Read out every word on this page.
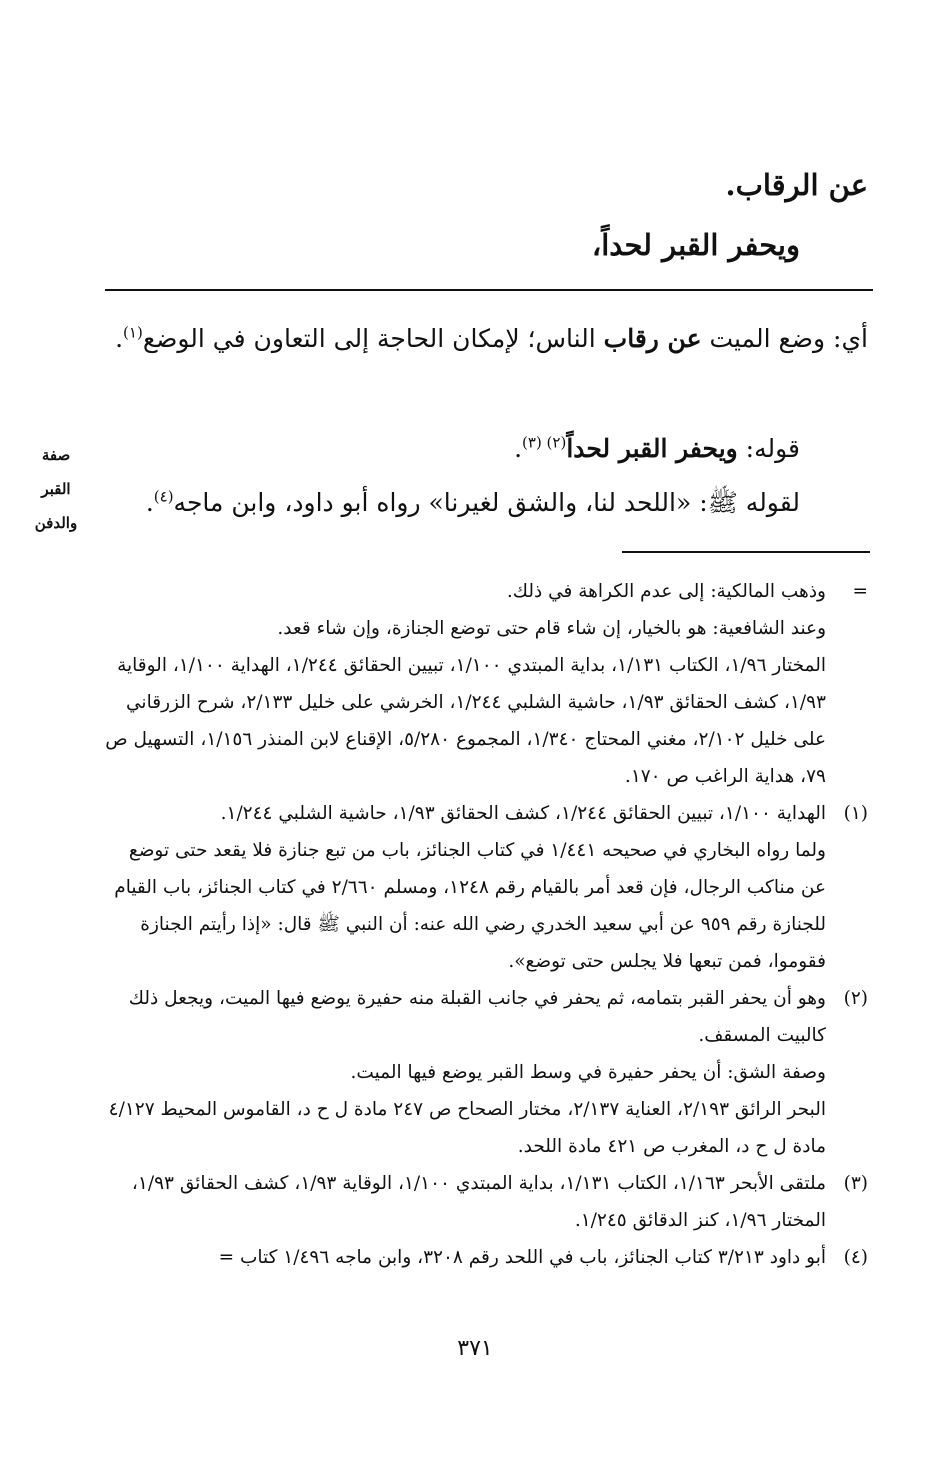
عن الرقاب.
ويحفر القبر لحداً،
أي: وضع الميت عن رقاب الناس؛ لإمكان الحاجة إلى التعاون في الوضع$^{(١)}$.
قوله: ويحفر القبر لحداً$^{(٢) (٣)}$.
لقوله ﷺ: «اللحد لنا، والشق لغيرنا» رواه أبو داود، وابن ماجه$^{(٤)}$.
صفة
القبر
والدفن
=

وذهب المالكية: إلى عدم الكراهة في ذلك.

وعند الشافعية: هو بالخيار، إن شاء قام حتى توضع الجنازة، وإن شاء قعد.

المختار ١/٩٦، الكتاب ١/١٣١، بداية المبتدي ١/١٠٠، تبيين الحقائق ١/٢٤٤، الهداية ١/١٠٠، الوقاية ١/٩٣، كشف الحقائق ١/٩٣، حاشية الشلبي ١/٢٤٤، الخرشي على خليل ٢/١٣٣، شرح الزرقاني على خليل ٢/١٠٢، مغني المحتاج ١/٣٤٠، المجموع ٥/٢٨٠، الإقناع لابن المنذر ١/١٥٦، التسهيل ص ٧٩، هداية الراغب ص ١٧٠.

(١)

الهداية ١/١٠٠، تبيين الحقائق ١/٢٤٤، كشف الحقائق ١/٩٣، حاشية الشلبي ١/٢٤٤.

ولما رواه البخاري في صحيحه ١/٤٤١ في كتاب الجنائز، باب من تبع جنازة فلا يقعد حتى توضع عن مناكب الرجال، فإن قعد أمر بالقيام رقم ١٢٤٨، ومسلم ٢/٦٦٠ في كتاب الجنائز، باب القيام للجنازة رقم ٩٥٩ عن أبي سعيد الخدري رضي الله عنه: أن النبي ﷺ قال: «إذا رأيتم الجنازة فقوموا، فمن تبعها فلا يجلس حتى توضع».

(٢)

وهو أن يحفر القبر بتمامه، ثم يحفر في جانب القبلة منه حفيرة يوضع فيها الميت، ويجعل ذلك كالبيت المسقف.

وصفة الشق: أن يحفر حفيرة في وسط القبر يوضع فيها الميت.

البحر الرائق ٢/١٩٣، العناية ٢/١٣٧، مختار الصحاح ص ٢٤٧ مادة ل ح د، القاموس المحيط ٤/١٢٧ مادة ل ح د، المغرب ص ٤٢١ مادة اللحد.

(٣)

ملتقى الأبحر ١/١٦٣، الكتاب ١/١٣١، بداية المبتدي ١/١٠٠، الوقاية ١/٩٣، كشف الحقائق ١/٩٣، المختار ١/٩٦، كنز الدقائق ١/٢٤٥.

(٤)

أبو داود ٣/٢١٣ كتاب الجنائز، باب في اللحد رقم ٣٢٠٨، وابن ماجه ١/٤٩٦ كتاب =

٣٧١
